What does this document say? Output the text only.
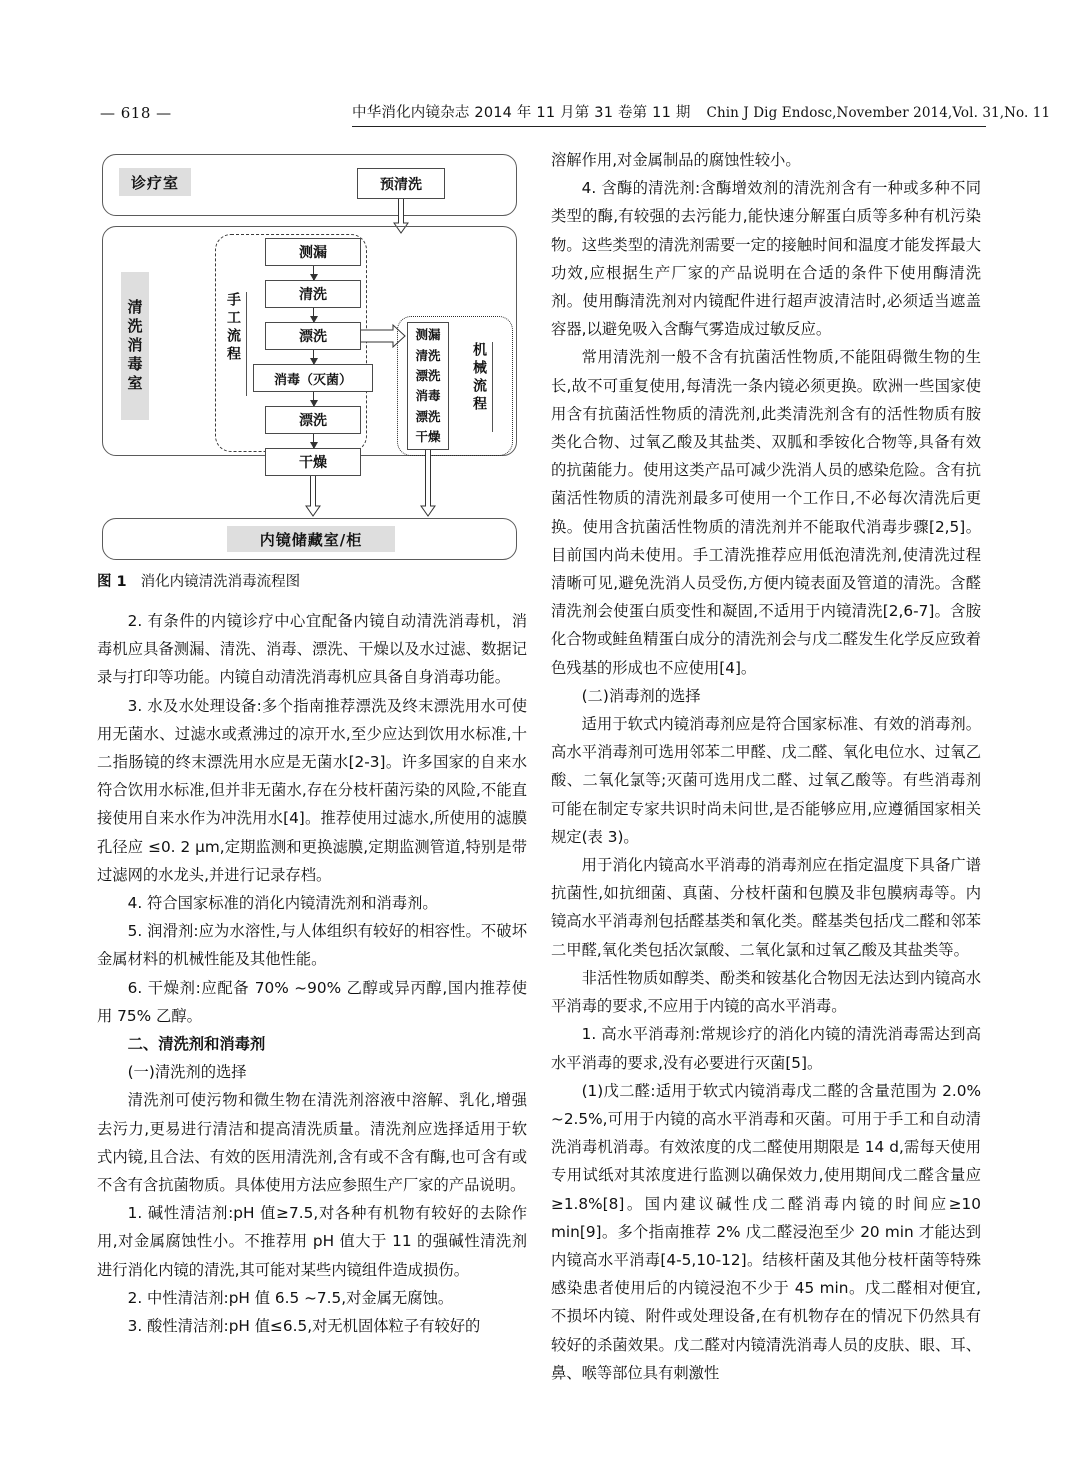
— 618 —	中华消化内镜杂志 2014 年 11 月第 31 卷第 11 期 Chin J Dig Endosc,November 2014,Vol. 31,No. 11
诊疗室	预清洗
清洗消毒室	手工流程
测漏
清洗
漂洗
消毒（灭菌）
漂洗
干燥
测漏
清洗
漂洗
消毒
漂洗
干燥
机械流程
内镜储藏室/柜

图 1 消化内镜清洗消毒流程图

2. 有条件的内镜诊疗中心宜配备内镜自动清洗消毒机，消毒机应具备测漏、清洗、消毒、漂洗、干燥以及水过滤、数据记录与打印等功能。内镜自动清洗消毒机应具备自身消毒功能。

3. 水及水处理设备:多个指南推荐漂洗及终末漂洗用水可使用无菌水、过滤水或煮沸过的凉开水,至少应达到饮用水标准,十二指肠镜的终末漂洗用水应是无菌水[2-3]。许多国家的自来水符合饮用水标准,但并非无菌水,存在分枝杆菌污染的风险,不能直接使用自来水作为冲洗用水[4]。推荐使用过滤水,所使用的滤膜孔径应 ≤0. 2 μm,定期监测和更换滤膜,定期监测管道,特别是带过滤网的水龙头,并进行记录存档。

4. 符合国家标准的消化内镜清洗剂和消毒剂。

5. 润滑剂:应为水溶性,与人体组织有较好的相容性。不破坏金属材料的机械性能及其他性能。

6. 干燥剂:应配备 70% ~90% 乙醇或异丙醇,国内推荐使用 75% 乙醇。

二、清洗剂和消毒剂

(一)清洗剂的选择

清洗剂可使污物和微生物在清洗剂溶液中溶解、乳化,增强去污力,更易进行清洁和提高清洗质量。清洗剂应选择适用于软式内镜,且合法、有效的医用清洗剂,含有或不含有酶,也可含有或不含有含抗菌物质。具体使用方法应参照生产厂家的产品说明。

1. 碱性清洁剂:pH 值≥7.5,对各种有机物有较好的去除作用,对金属腐蚀性小。不推荐用 pH 值大于 11 的强碱性清洗剂进行消化内镜的清洗,其可能对某些内镜组件造成损伤。

2. 中性清洁剂:pH 值 6.5 ~7.5,对金属无腐蚀。

3. 酸性清洁剂:pH 值≤6.5,对无机固体粒子有较好的

溶解作用,对金属制品的腐蚀性较小。

4. 含酶的清洗剂:含酶增效剂的清洗剂含有一种或多种不同类型的酶,有较强的去污能力,能快速分解蛋白质等多种有机污染物。这些类型的清洗剂需要一定的接触时间和温度才能发挥最大功效,应根据生产厂家的产品说明在合适的条件下使用酶清洗剂。使用酶清洗剂对内镜配件进行超声波清洁时,必须适当遮盖容器,以避免吸入含酶气雾造成过敏反应。

常用清洗剂一般不含有抗菌活性物质,不能阻碍微生物的生长,故不可重复使用,每清洗一条内镜必须更换。欧洲一些国家使用含有抗菌活性物质的清洗剂,此类清洗剂含有的活性物质有胺类化合物、过氧乙酸及其盐类、双胍和季铵化合物等,具备有效的抗菌能力。使用这类产品可减少洗消人员的感染危险。含有抗菌活性物质的清洗剂最多可使用一个工作日,不必每次清洗后更换。使用含抗菌活性物质的清洗剂并不能取代消毒步骤[2,5]。目前国内尚未使用。手工清洗推荐应用低泡清洗剂,使清洗过程清晰可见,避免洗消人员受伤,方便内镜表面及管道的清洗。含醛清洗剂会使蛋白质变性和凝固,不适用于内镜清洗[2,6-7]。含胺化合物或鲑鱼精蛋白成分的清洗剂会与戊二醛发生化学反应致着色残基的形成也不应使用[4]。

(二)消毒剂的选择

适用于软式内镜消毒剂应是符合国家标准、有效的消毒剂。高水平消毒剂可选用邻苯二甲醛、戊二醛、氧化电位水、过氧乙酸、二氧化氯等;灭菌可选用戊二醛、过氧乙酸等。有些消毒剂可能在制定专家共识时尚未问世,是否能够应用,应遵循国家相关规定(表 3)。

用于消化内镜高水平消毒的消毒剂应在指定温度下具备广谱抗菌性,如抗细菌、真菌、分枝杆菌和包膜及非包膜病毒等。内镜高水平消毒剂包括醛基类和氧化类。醛基类包括戊二醛和邻苯二甲醛,氧化类包括次氯酸、二氧化氯和过氧乙酸及其盐类等。

非活性物质如醇类、酚类和铵基化合物因无法达到内镜高水平消毒的要求,不应用于内镜的高水平消毒。

1. 高水平消毒剂:常规诊疗的消化内镜的清洗消毒需达到高水平消毒的要求,没有必要进行灭菌[5]。

(1)戊二醛:适用于软式内镜消毒戊二醛的含量范围为 2.0% ~2.5%,可用于内镜的高水平消毒和灭菌。可用于手工和自动清洗消毒机消毒。有效浓度的戊二醛使用期限是 14 d,需每天使用专用试纸对其浓度进行监测以确保效力,使用期间戊二醛含量应≥1.8%[8]。国内建议碱性戊二醛消毒内镜的时间应≥10 min[9]。多个指南推荐 2% 戊二醛浸泡至少 20 min 才能达到内镜高水平消毒[4-5,10-12]。结核杆菌及其他分枝杆菌等特殊感染患者使用后的内镜浸泡不少于 45 min。戊二醛相对便宜,不损坏内镜、附件或处理设备,在有机物存在的情况下仍然具有较好的杀菌效果。戊二醛对内镜清洗消毒人员的皮肤、眼、耳、鼻、喉等部位具有刺激性
